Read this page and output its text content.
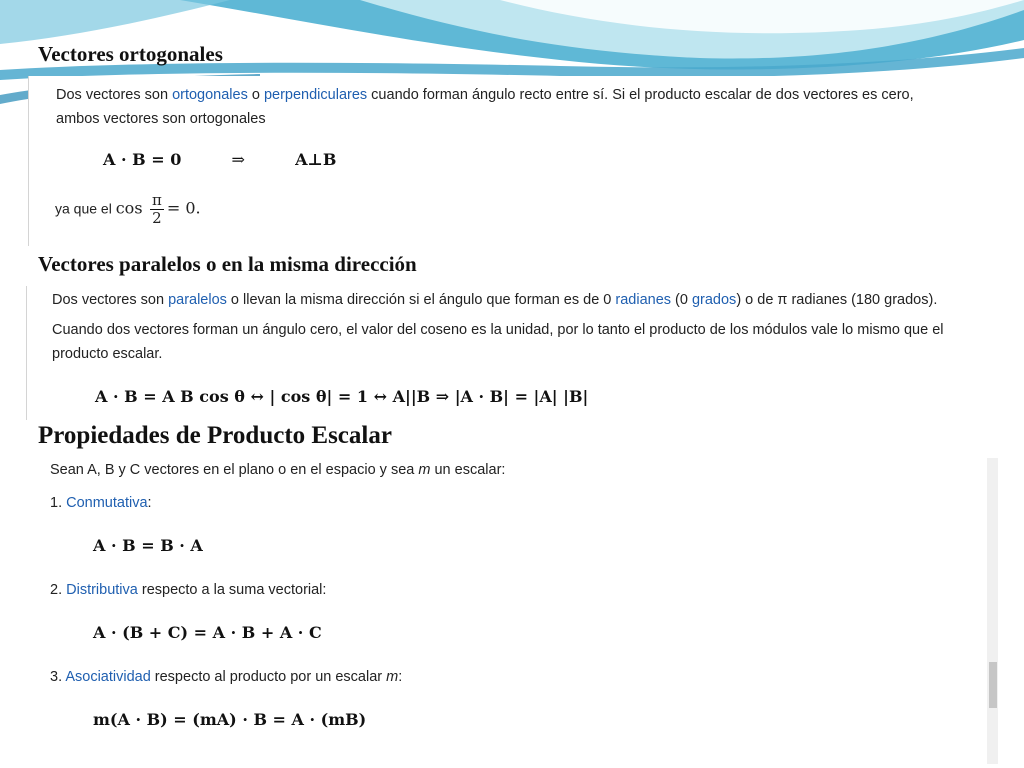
Vectores ortogonales
Vectores paralelos o en la misma dirección
Propiedades de Producto Escalar
Dos vectores son ortogonales o perpendiculares cuando forman ángulo recto entre sí. Si el producto escalar de dos vectores es cero, ambos vectores son ortogonales
A · B = 0	⇒	A⊥B
ya que el $\cos \frac{\pi}{2} = 0$.
Dos vectores son paralelos o llevan la misma dirección si el ángulo que forman es de 0 radianes (0 grados) o de π radianes (180 grados).
Cuando dos vectores forman un ángulo cero, el valor del coseno es la unidad, por lo tanto el producto de los módulos vale lo mismo que el producto escalar.
A · B = A B cos θ ↔ | cos θ| = 1 ↔ A||B ⇒ |A · B| = |A| |B|
Sean A, B y C vectores en el plano o en el espacio y sea m un escalar:
1. Conmutativa:
A · B = B · A
2. Distributiva respecto a la suma vectorial:
A · (B + C) = A · B + A · C
3. Asociatividad respecto al producto por un escalar m:
m(A · B) = (mA) · B = A · (mB)
